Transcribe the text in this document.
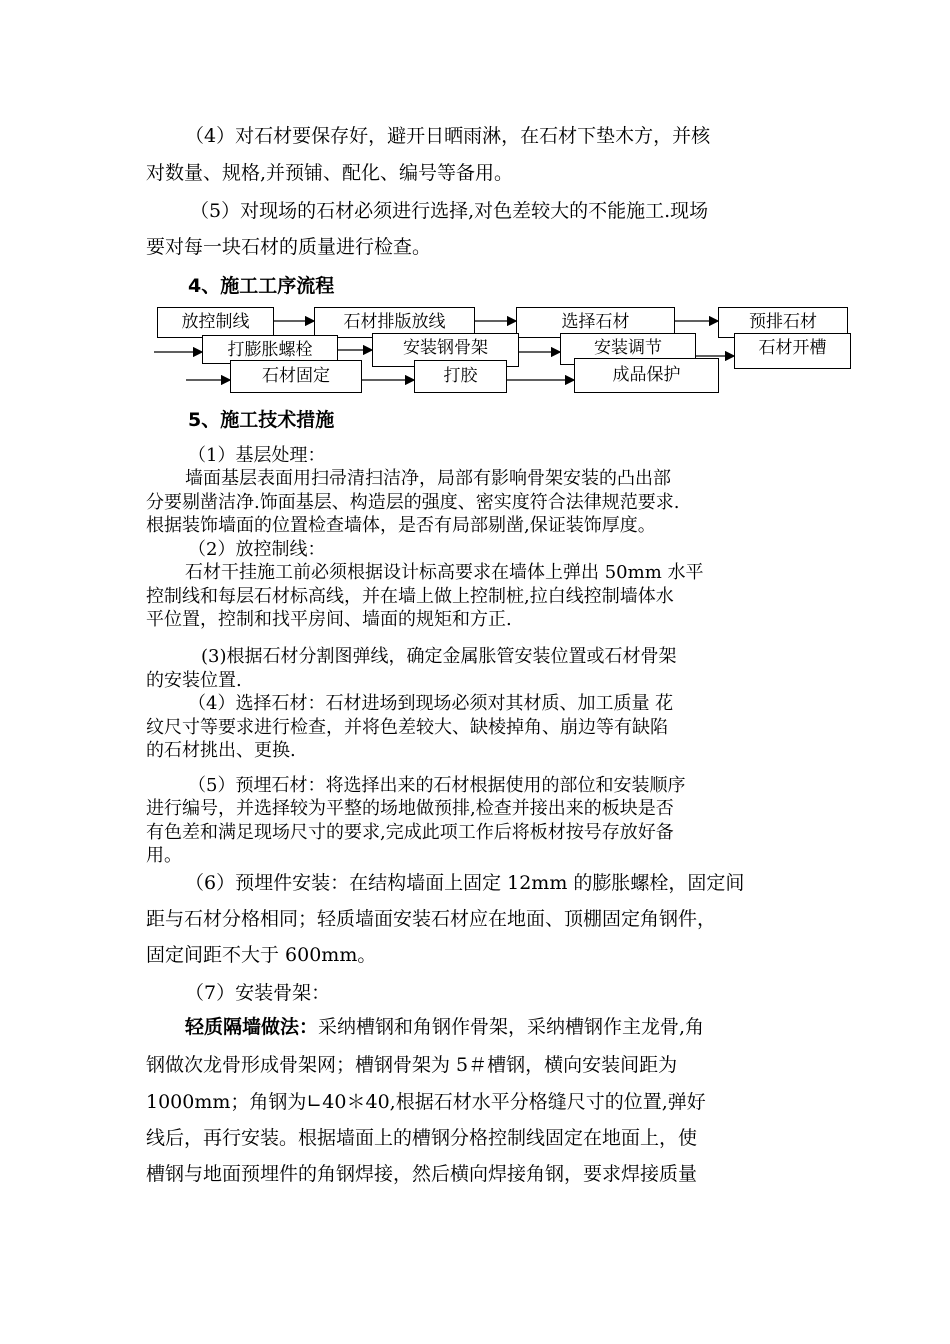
（4）对石材要保存好，避开日晒雨淋，在石材下垫木方，并核
对数量、规格,并预铺、配化、编号等备用。
（5）对现场的石材必须进行选择,对色差较大的不能施工.现场
要对每一块石材的质量进行检查。
4、施工工序流程
放控制线	石材排版放线	选择石材	预排石材
打膨胀螺栓	安装钢骨架	安装调节	石材开槽
石材固定	打胶	成品保护
5、施工技术措施
（1）基层处理：
墙面基层表面用扫帚清扫洁净，局部有影响骨架安装的凸出部
分要剔凿洁净.饰面基层、构造层的强度、密实度符合法律规范要求.
根据装饰墙面的位置检查墙体，是否有局部剔凿,保证装饰厚度。
（2）放控制线：
石材干挂施工前必须根据设计标高要求在墙体上弹出 50mm 水平
控制线和每层石材标高线，并在墙上做上控制桩,拉白线控制墙体水
平位置，控制和找平房间、墙面的规矩和方正.
(3)根据石材分割图弹线，确定金属胀管安装位置或石材骨架
的安装位置.
（4）选择石材：石材进场到现场必须对其材质、加工质量 花
纹尺寸等要求进行检查，并将色差较大、缺棱掉角、崩边等有缺陷
的石材挑出、更换.
（5）预埋石材：将选择出来的石材根据使用的部位和安装顺序
进行编号，并选择较为平整的场地做预排,检查并接出来的板块是否
有色差和满足现场尺寸的要求,完成此项工作后将板材按号存放好备
用。
（6）预埋件安装：在结构墙面上固定 12mm 的膨胀螺栓，固定间
距与石材分格相同；轻质墙面安装石材应在地面、顶棚固定角钢件，
固定间距不大于 600mm。
（7）安装骨架：
轻质隔墙做法：采纳槽钢和角钢作骨架，采纳槽钢作主龙骨,角
钢做次龙骨形成骨架网；槽钢骨架为 5＃槽钢，横向安装间距为
1000mm；角钢为∟40＊40,根据石材水平分格缝尺寸的位置,弹好
线后，再行安装。根据墙面上的槽钢分格控制线固定在地面上，使
槽钢与地面预埋件的角钢焊接，然后横向焊接角钢，要求焊接质量
